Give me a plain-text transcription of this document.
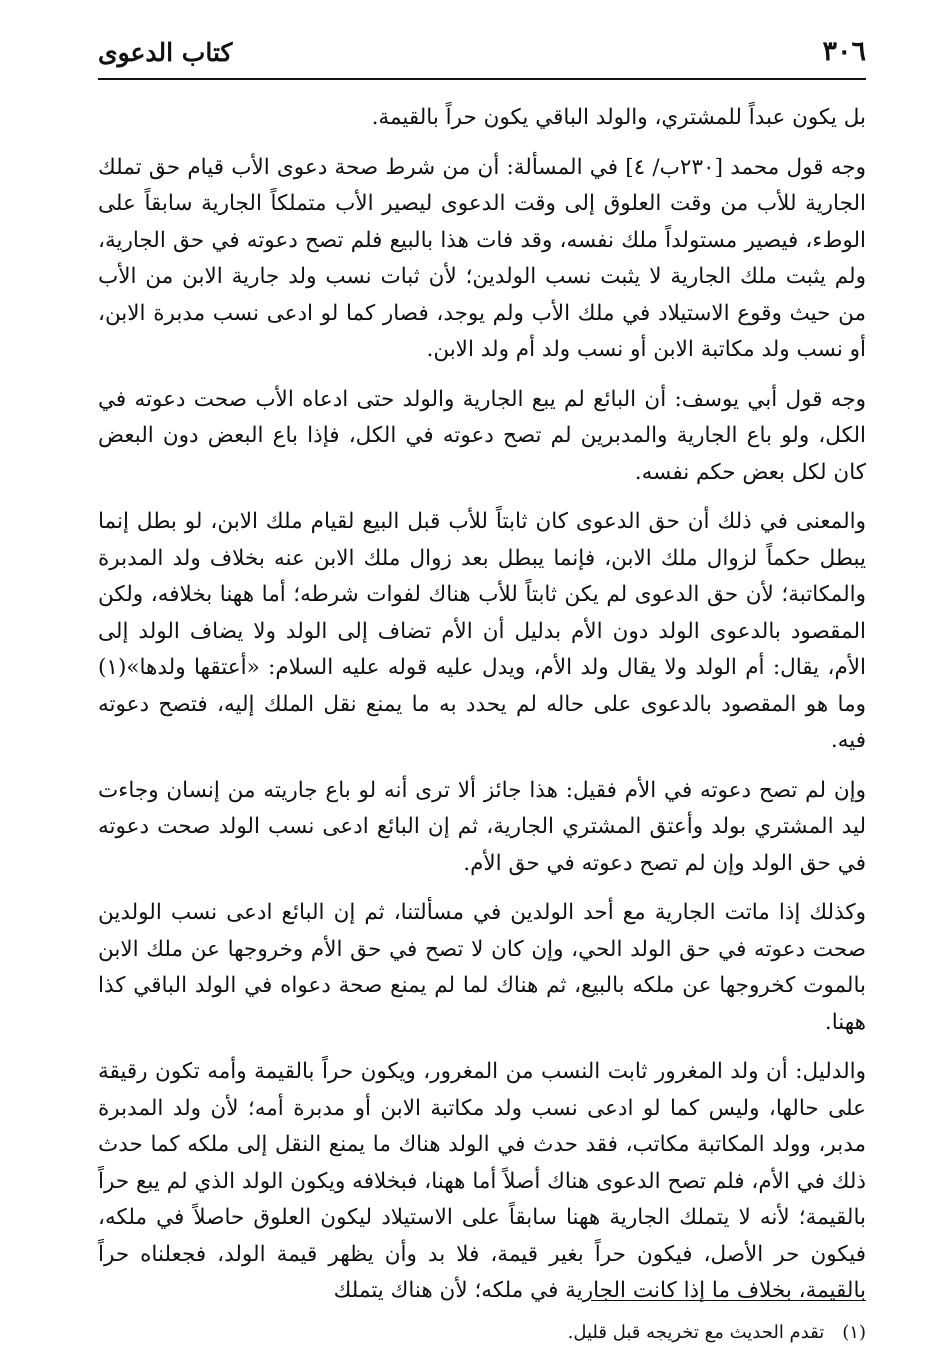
٣٠٦
كتاب الدعوى

بل يكون عبداً للمشتري، والولد الباقي يكون حراً بالقيمة.

وجه قول محمد [٢٣٠ب/ ٤] في المسألة: أن من شرط صحة دعوى الأب قيام حق تملك الجارية للأب من وقت العلوق إلى وقت الدعوى ليصير الأب متملكاً الجارية سابقاً على الوطء، فيصير مستولداً ملك نفسه، وقد فات هذا بالبيع فلم تصح دعوته في حق الجارية، ولم يثبت ملك الجارية لا يثبت نسب الولدين؛ لأن ثبات نسب ولد جارية الابن من الأب من حيث وقوع الاستيلاد في ملك الأب ولم يوجد، فصار كما لو ادعى نسب مدبرة الابن، أو نسب ولد مكاتبة الابن أو نسب ولد أم ولد الابن.

وجه قول أبي يوسف: أن البائع لم يبع الجارية والولد حتى ادعاه الأب صحت دعوته في الكل، ولو باع الجارية والمدبرين لم تصح دعوته في الكل، فإذا باع البعض دون البعض كان لكل بعض حكم نفسه.

والمعنى في ذلك أن حق الدعوى كان ثابتاً للأب قبل البيع لقيام ملك الابن، لو بطل إنما يبطل حكماً لزوال ملك الابن، فإنما يبطل بعد زوال ملك الابن عنه بخلاف ولد المدبرة والمكاتبة؛ لأن حق الدعوى لم يكن ثابتاً للأب هناك لفوات شرطه؛ أما ههنا بخلافه، ولكن المقصود بالدعوى الولد دون الأم بدليل أن الأم تضاف إلى الولد ولا يضاف الولد إلى الأم، يقال: أم الولد ولا يقال ولد الأم، ويدل عليه قوله عليه السلام: «أعتقها ولدها»(١) وما هو المقصود بالدعوى على حاله لم يحدد به ما يمنع نقل الملك إليه، فتصح دعوته فيه.

وإن لم تصح دعوته في الأم فقيل: هذا جائز ألا ترى أنه لو باع جاريته من إنسان وجاءت ليد المشتري بولد وأعتق المشتري الجارية، ثم إن البائع ادعى نسب الولد صحت دعوته في حق الولد وإن لم تصح دعوته في حق الأم.

وكذلك إذا ماتت الجارية مع أحد الولدين في مسألتنا، ثم إن البائع ادعى نسب الولدين صحت دعوته في حق الولد الحي، وإن كان لا تصح في حق الأم وخروجها عن ملك الابن بالموت كخروجها عن ملكه بالبيع، ثم هناك لما لم يمنع صحة دعواه في الولد الباقي كذا ههنا.

والدليل: أن ولد المغرور ثابت النسب من المغرور، ويكون حراً بالقيمة وأمه تكون رقيقة على حالها، وليس كما لو ادعى نسب ولد مكاتبة الابن أو مدبرة أمه؛ لأن ولد المدبرة مدبر، وولد المكاتبة مكاتب، فقد حدث في الولد هناك ما يمنع النقل إلى ملكه كما حدث ذلك في الأم، فلم تصح الدعوى هناك أصلاً أما ههنا، فبخلافه ويكون الولد الذي لم يبع حراً بالقيمة؛ لأنه لا يتملك الجارية ههنا سابقاً على الاستيلاد ليكون العلوق حاصلاً في ملكه، فيكون حر الأصل، فيكون حراً بغير قيمة، فلا بد وأن يظهر قيمة الولد، فجعلناه حراً بالقيمة، بخلاف ما إذا كانت الجارية في ملكه؛ لأن هناك يتملك

(١)تقدم الحديث مع تخريجه قبل قليل.
